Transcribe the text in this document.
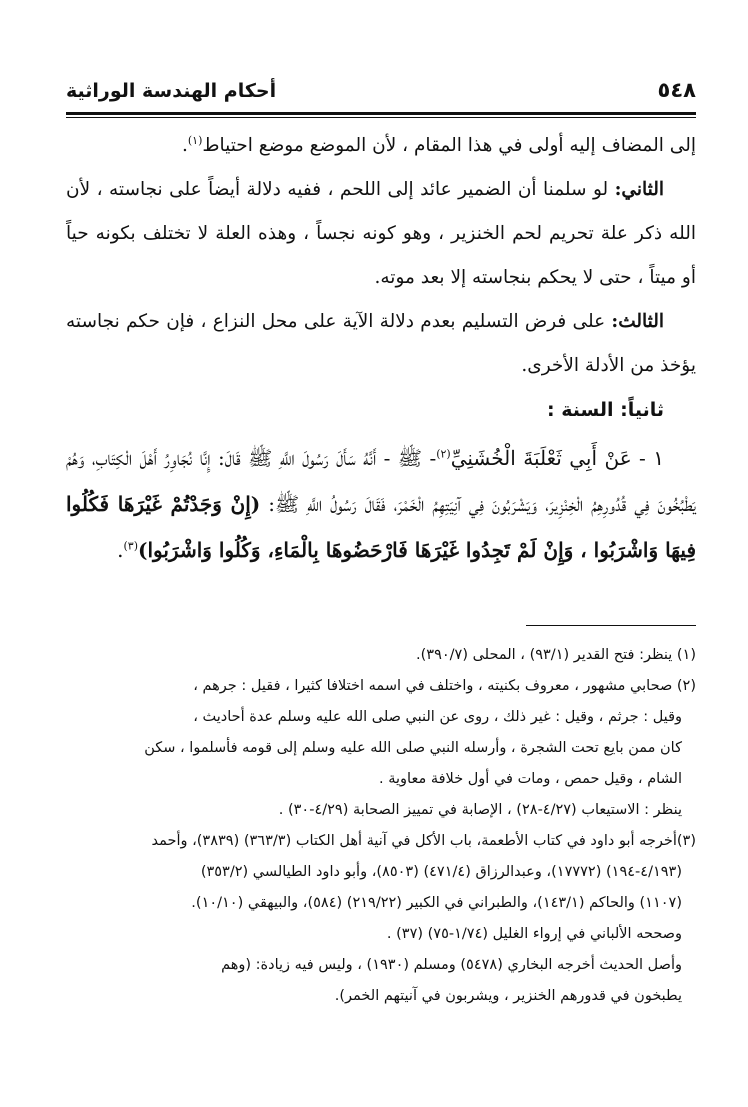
٥٤٨
أحكام الهندسة الوراثية

إلى المضاف إليه أولى في هذا المقام ، لأن الموضع موضع احتياط$^{(١)}$.

الثاني: لو سلمنا أن الضمير عائد إلى اللحم ، ففيه دلالة أيضاً على نجاسته ، لأن الله ذكر علة تحريم لحم الخنزير ، وهو كونه نجساً ، وهذه العلة لا تختلف بكونه حياً أو ميتاً ، حتى لا يحكم بنجاسته إلا بعد موته.

الثالث: على فرض التسليم بعدم دلالة الآية على محل النزاع ، فإن حكم نجاسته يؤخذ من الأدلة الأخرى.

ثانياً: السنة :

١ - عَنْ أَبِي ثَعْلَبَةَ الْخُشَنِيِّ$^{(٢)}$- ﷺ - أَنَّهُ سَأَلَ رَسُولَ اللَّهِ ﷺ قَالَ: إِنَّا نُجَاوِرُ أَهْلَ الْكِتَابِ، وَهُمْ يَطْبُخُونَ فِي قُدُورِهِمُ الْخِنْزِيرَ، وَيَشْرَبُونَ فِي آنِيَتِهِمُ الْخَمْرَ، فَقَالَ رَسُولُ اللَّهِ ﷺ: (إِنْ وَجَدْتُمْ غَيْرَهَا فَكُلُوا فِيهَا وَاشْرَبُوا ، وَإِنْ لَمْ تَجِدُوا غَيْرَهَا فَارْحَضُوهَا بِالْمَاءِ، وَكُلُوا وَاشْرَبُوا)$^{(٣)}$.

(١) ينظر: فتح القدير (٩٣/١) ، المحلى (٣٩٠/٧).

(٢) صحابي مشهور ، معروف بكنيته ، واختلف في اسمه اختلافا كثيرا ، فقيل : جرهم ،

وقيل : جرثم ، وقيل : غير ذلك ، روى عن النبي صلى الله عليه وسلم عدة أحاديث ،

كان ممن بايع تحت الشجرة ، وأرسله النبي صلى الله عليه وسلم إلى قومه فأسلموا ، سكن

الشام ، وقيل حمص ، ومات في أول خلافة معاوية .

ينظر : الاستيعاب (٤/٢٧-٢٨) ، الإصابة في تمييز الصحابة (٤/٢٩-٣٠) .

(٣)أخرجه أبو داود في كتاب الأطعمة، باب الأكل في آنية أهل الكتاب (٣٦٣/٣) (٣٨٣٩)، وأحمد

(٤/١٩٣-١٩٤) (١٧٧٧٢)، وعبدالرزاق (٤٧١/٤) (٨٥٠٣)، وأبو داود الطيالسي (٣٥٣/٢)

(١١٠٧) والحاكم (١٤٣/١)، والطبراني في الكبير (٢١٩/٢٢) (٥٨٤)، والبيهقي (١٠/١٠).

وصححه الألباني في إرواء الغليل (١/٧٤-٧٥) (٣٧) .

وأصل الحديث أخرجه البخاري (٥٤٧٨) ومسلم (١٩٣٠) ، وليس فيه زيادة: (وهم

يطبخون في قدورهم الخنزير ، ويشربون في آنيتهم الخمر).
